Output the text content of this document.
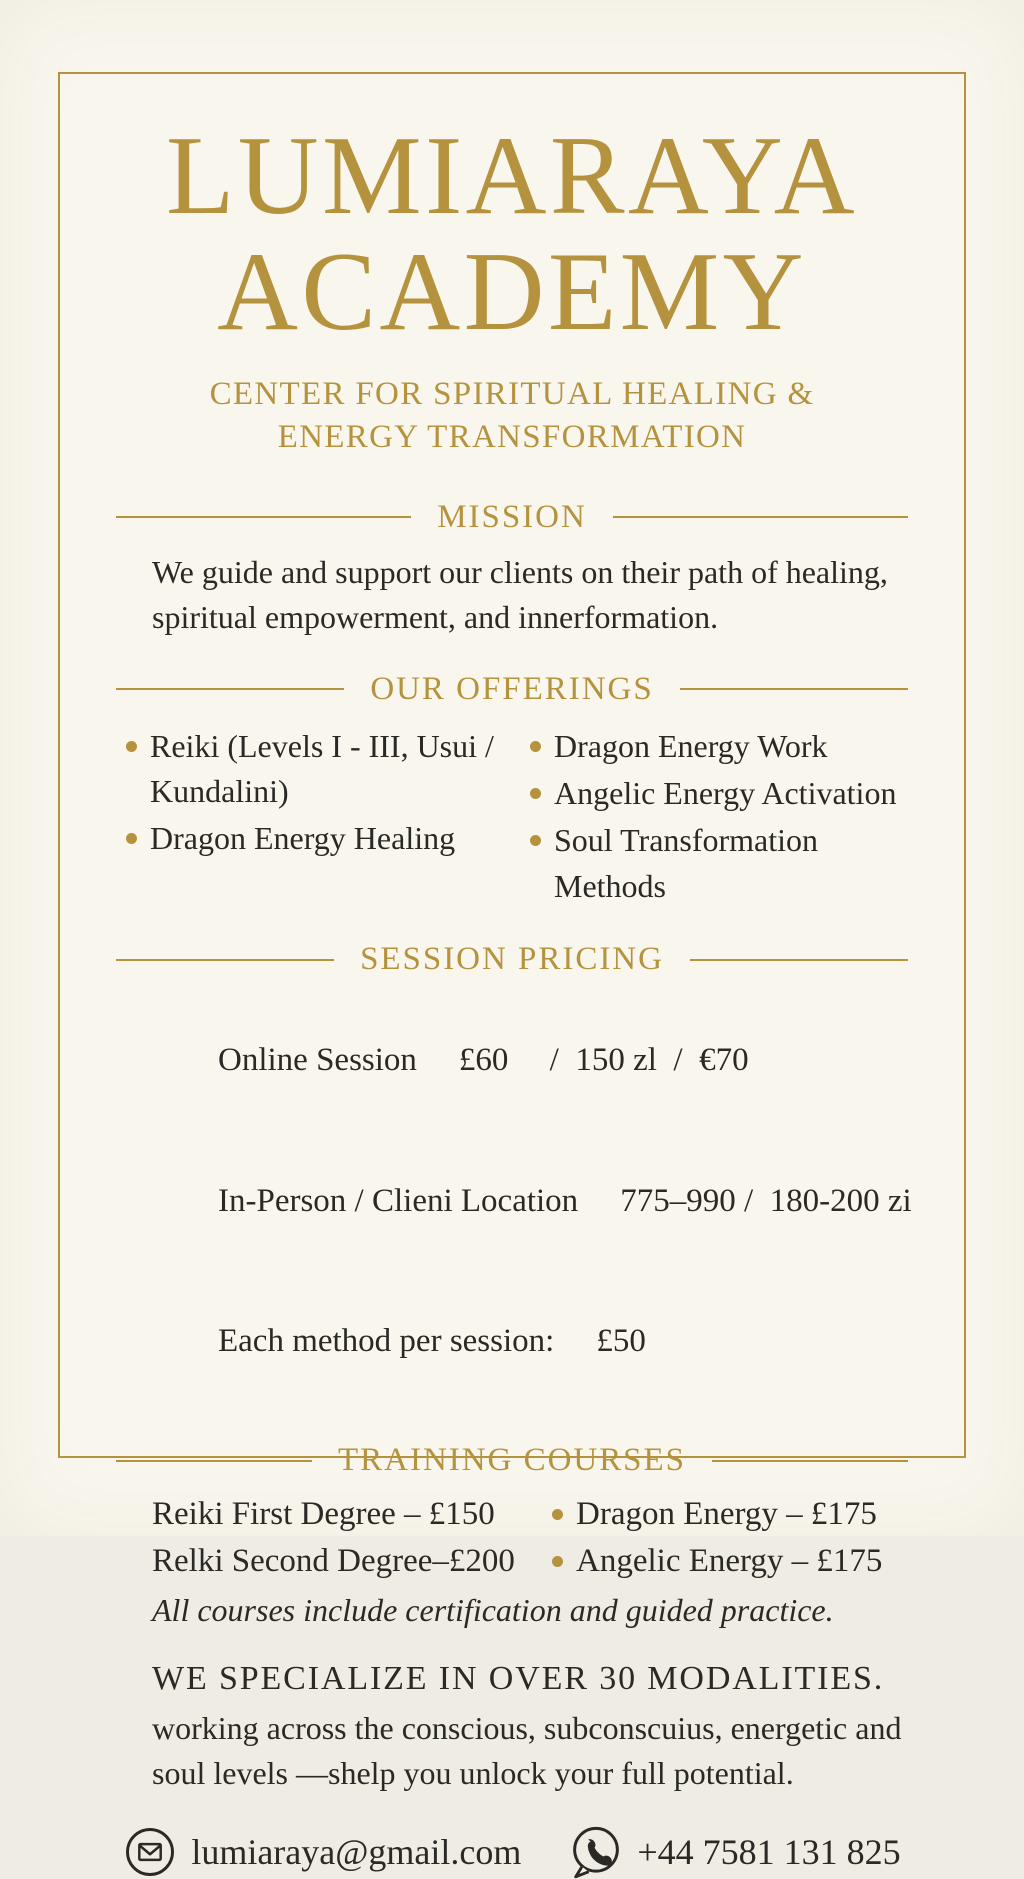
LUMIARAYA
ACADEMY
CENTER FOR SPIRITUAL HEALING &
ENERGY TRANSFORMATION
MISSION

We guide and support our clients on their path of healing, spiritual empowerment, and innerformation.

OUR OFFERINGS
Reiki (Levels I - III, Usui / Kundalini)
Dragon Energy Healing
Dragon Energy Work
Angelic Energy Activation
Soul Transformation Methods
SESSION PRICING

Online Session £60     /  150 zl  /  €70

In-Person / Clieni Location 775–990 /  180-200 zi

Each method per session: £50

TRAINING COURSES
Reiki First Degree – £150 Dragon Energy – £175
Relki Second Degree–£200 Angelic Energy – £175
All courses include certification and guided practice.
WE SPECIALIZE IN OVER 30 MODALITIES.
working across the conscious, subconscuius, energetic and soul levels —shelp you unlock your full potential.
lumiaraya@gmail.com	+44 7581 131 825
